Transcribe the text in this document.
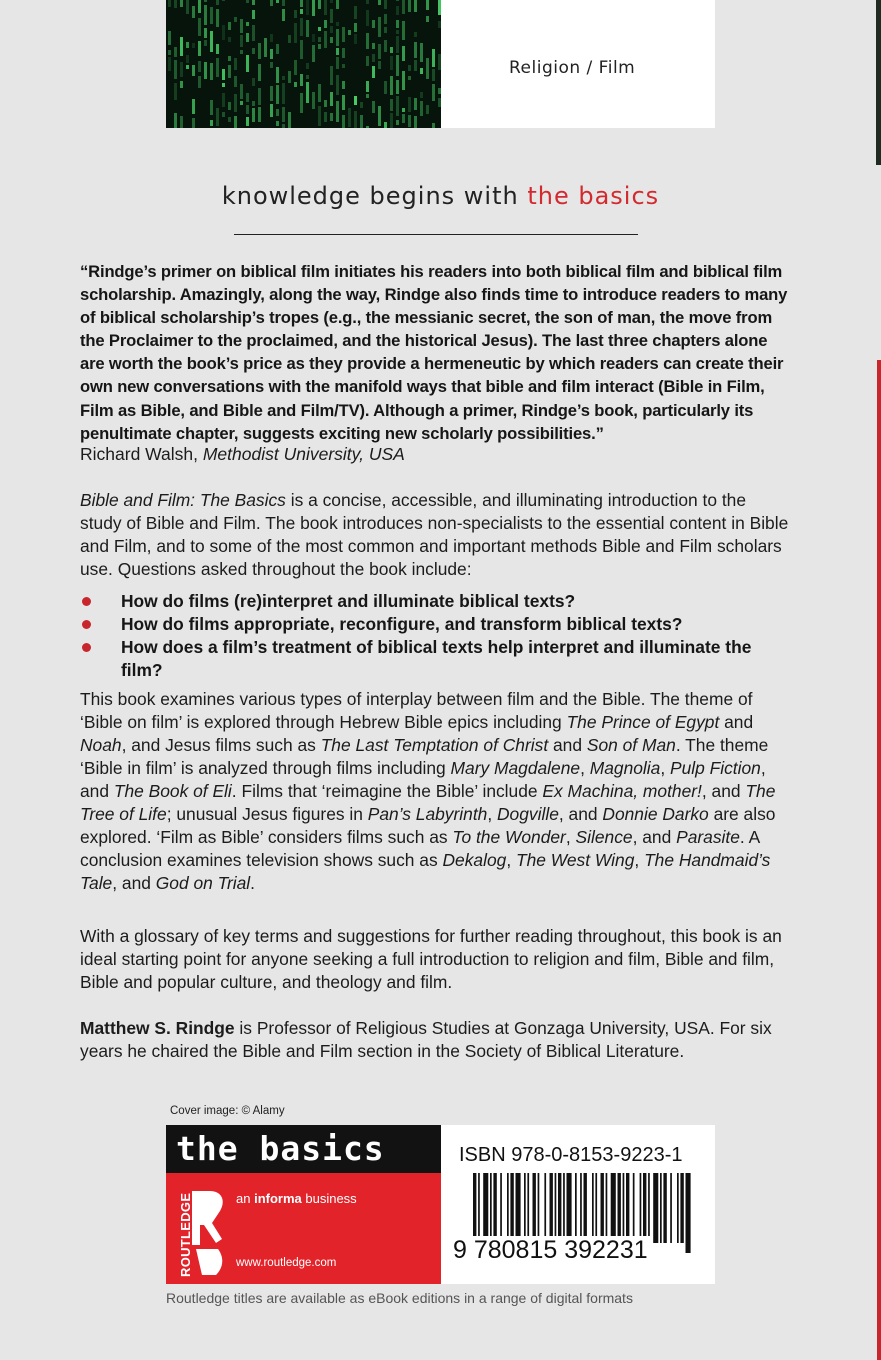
Religion / Film
knowledge begins with the basics
“Rindge’s primer on biblical film initiates his readers into both biblical film and biblical film scholarship. Amazingly, along the way, Rindge also finds time to introduce readers to many of biblical scholarship’s tropes (e.g., the messianic secret, the son of man, the move from the Proclaimer to the proclaimed, and the historical Jesus). The last three chapters alone are worth the book’s price as they provide a hermeneutic by which readers can create their own new conversations with the manifold ways that bible and film interact (Bible in Film, Film as Bible, and Bible and Film/TV). Although a primer, Rindge’s book, particularly its penultimate chapter, suggests exciting new scholarly possibilities.”
Richard Walsh, Methodist University, USA
Bible and Film: The Basics is a concise, accessible, and illuminating introduction to the study of Bible and Film. The book introduces non-specialists to the essential content in Bible and Film, and to some of the most common and important methods Bible and Film scholars use. Questions asked throughout the book include:
How do films (re)interpret and illuminate biblical texts?
How do films appropriate, reconfigure, and transform biblical texts?
How does a film’s treatment of biblical texts help interpret and illuminate the film?
This book examines various types of interplay between film and the Bible. The theme of ‘Bible on film’ is explored through Hebrew Bible epics including The Prince of Egypt and Noah, and Jesus films such as The Last Temptation of Christ and Son of Man. The theme ‘Bible in film’ is analyzed through films including Mary Magdalene, Magnolia, Pulp Fiction, and The Book of Eli. Films that ‘reimagine the Bible’ include Ex Machina, mother!, and The Tree of Life; unusual Jesus figures in Pan’s Labyrinth, Dogville, and Donnie Darko are also explored. ‘Film as Bible’ considers films such as To the Wonder, Silence, and Parasite. A conclusion examines television shows such as Dekalog, The West Wing, The Handmaid’s Tale, and God on Trial.
With a glossary of key terms and suggestions for further reading throughout, this book is an ideal starting point for anyone seeking a full introduction to religion and film, Bible and film, Bible and popular culture, and theology and film.
Matthew S. Rindge is Professor of Religious Studies at Gonzaga University, USA. For six years he chaired the Bible and Film section in the Society of Biblical Literature.
Cover image: © Alamy
the basics
ROUTLEDGE	an informa business
www.routledge.com
ISBN 978-0-8153-9223-1
9 780815 392231
Routledge titles are available as eBook editions in a range of digital formats
